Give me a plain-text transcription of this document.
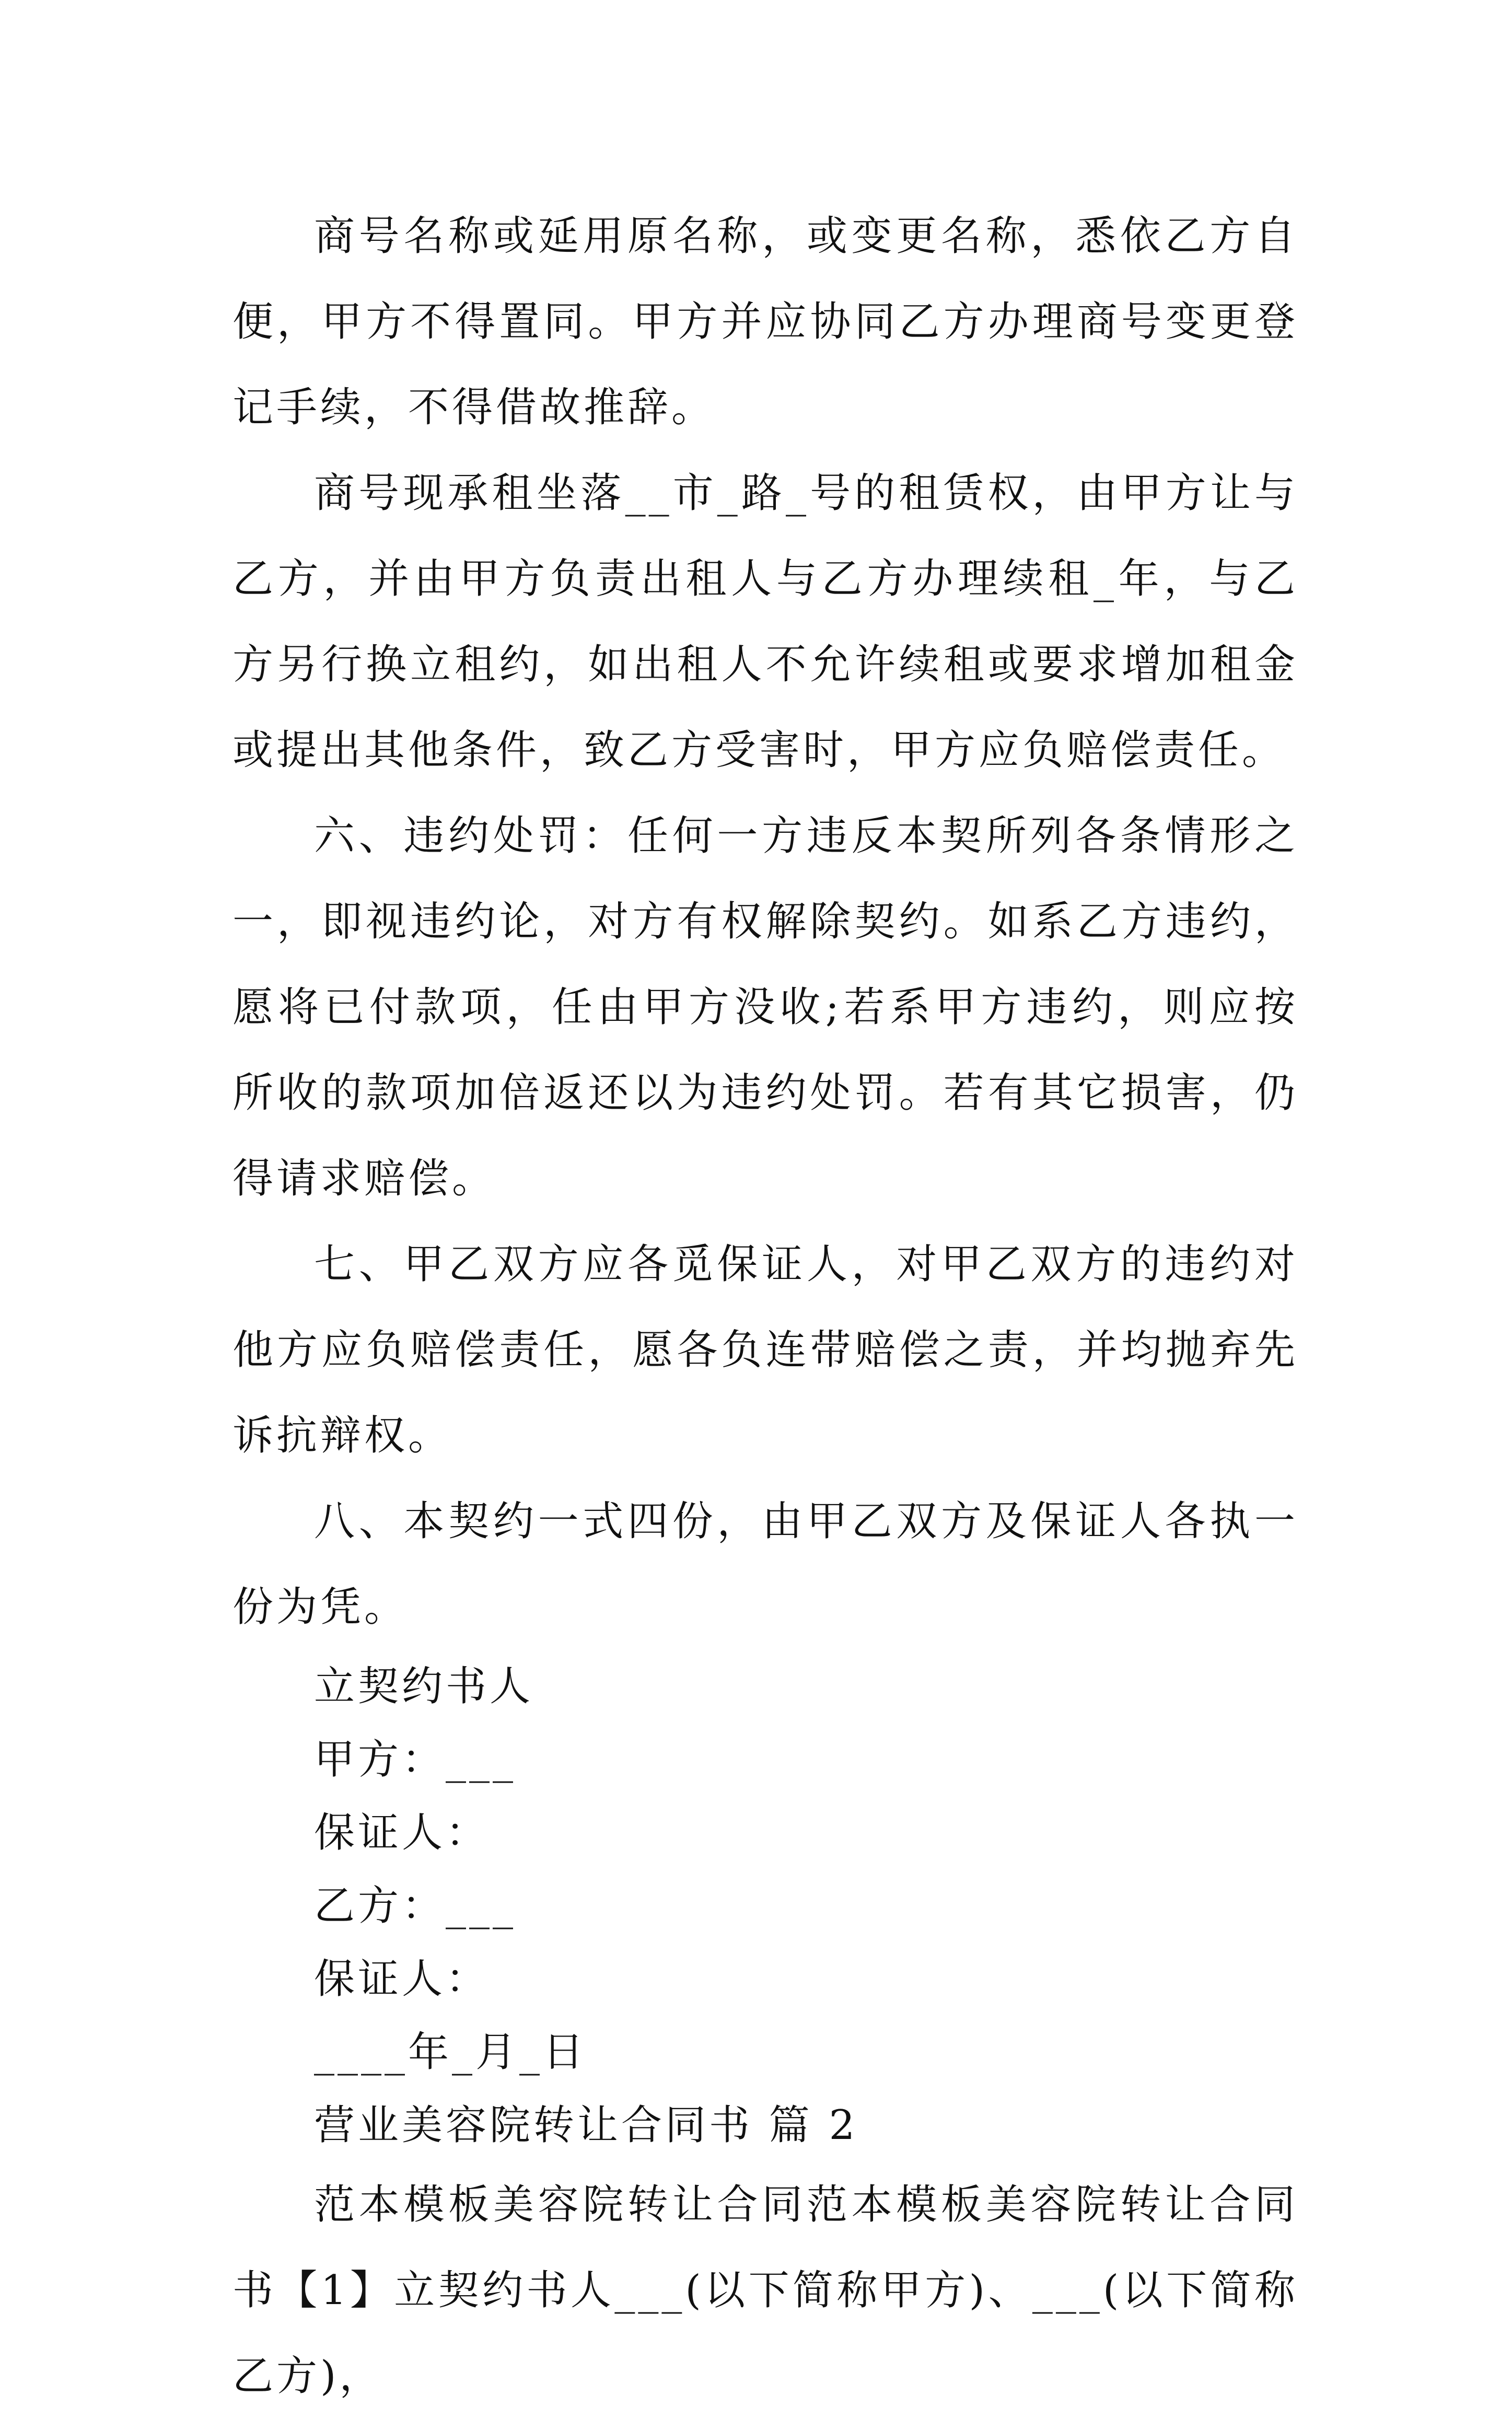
商号名称或延用原名称，或变更名称，悉依乙方自便，甲方不得置同。甲方并应协同乙方办理商号变更登记手续，不得借故推辞。

商号现承租坐落__市_路_号的租赁权，由甲方让与乙方，并由甲方负责出租人与乙方办理续租_年，与乙方另行换立租约，如出租人不允许续租或要求增加租金或提出其他条件，致乙方受害时，甲方应负赔偿责任。

六、违约处罚：任何一方违反本契所列各条情形之一，即视违约论，对方有权解除契约。如系乙方违约，愿将已付款项，任由甲方没收;若系甲方违约，则应按所收的款项加倍返还以为违约处罚。若有其它损害，仍得请求赔偿。

七、甲乙双方应各觅保证人，对甲乙双方的违约对他方应负赔偿责任，愿各负连带赔偿之责，并均抛弃先诉抗辩权。

八、本契约一式四份，由甲乙双方及保证人各执一份为凭。

立契约书人

甲方：___

保证人：

乙方：___

保证人：

____年_月_日

营业美容院转让合同书 篇 2

范本模板美容院转让合同范本模板美容院转让合同书【1】立契约书人___(以下简称甲方)、___(以下简称乙方)，
